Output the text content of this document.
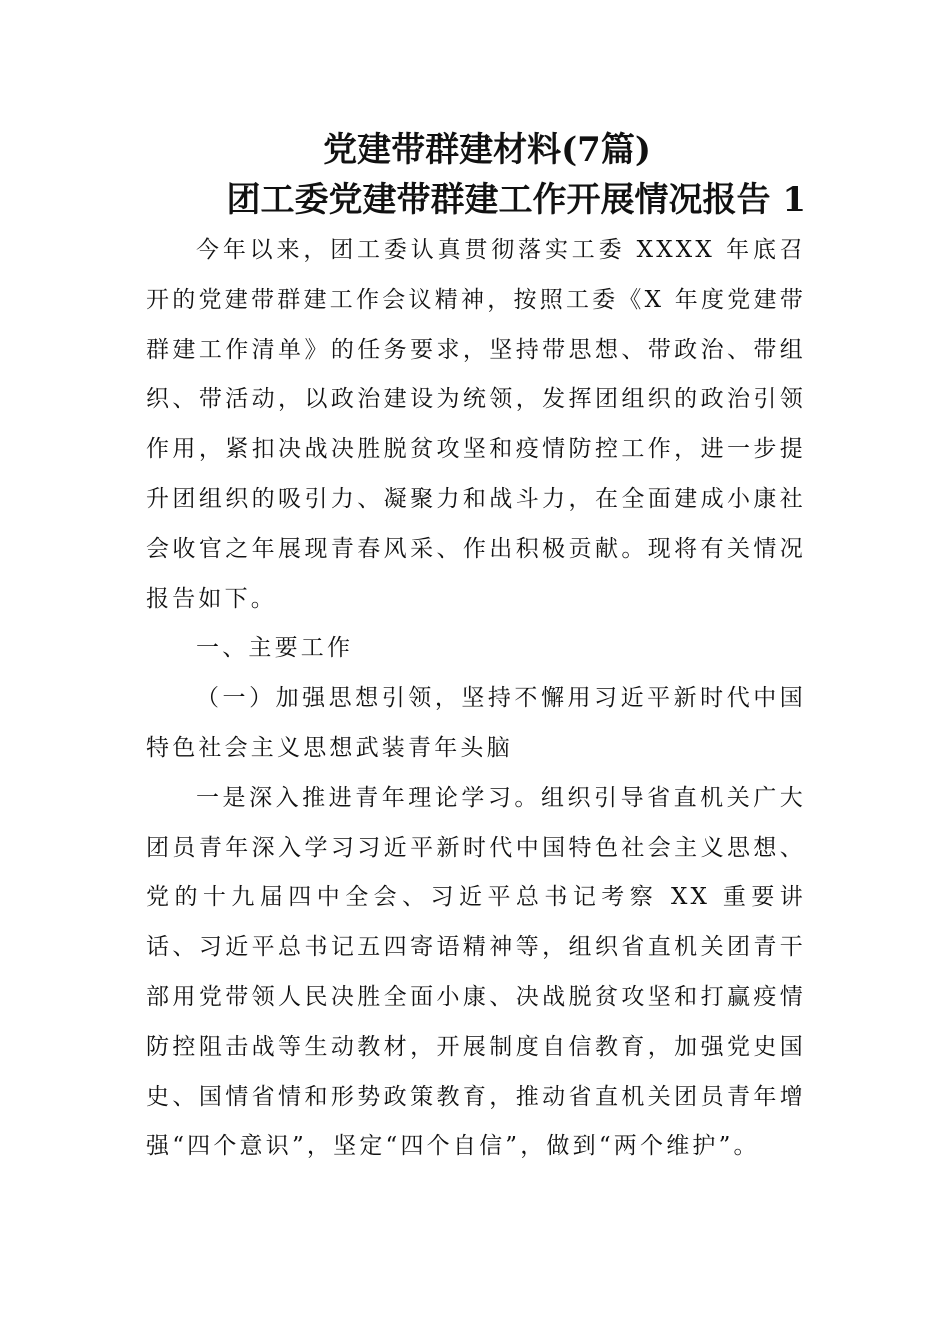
党建带群建材料(7篇)
团工委党建带群建工作开展情况报告 1

今年以来，团工委认真贯彻落实工委 XXXX 年底召开的党建带群建工作会议精神，按照工委《X 年度党建带群建工作清单》的任务要求，坚持带思想、带政治、带组织、带活动，以政治建设为统领，发挥团组织的政治引领作用，紧扣决战决胜脱贫攻坚和疫情防控工作，进一步提升团组织的吸引力、凝聚力和战斗力，在全面建成小康社会收官之年展现青春风采、作出积极贡献。现将有关情况报告如下。

一、主要工作

（一）加强思想引领，坚持不懈用习近平新时代中国特色社会主义思想武装青年头脑

一是深入推进青年理论学习。组织引导省直机关广大团员青年深入学习习近平新时代中国特色社会主义思想、党的十九届四中全会、习近平总书记考察 XX 重要讲话、习近平总书记五四寄语精神等，组织省直机关团青干部用党带领人民决胜全面小康、决战脱贫攻坚和打赢疫情防控阻击战等生动教材，开展制度自信教育，加强党史国史、国情省情和形势政策教育，推动省直机关团员青年增强“四个意识”，坚定“四个自信”，做到“两个维护”。
